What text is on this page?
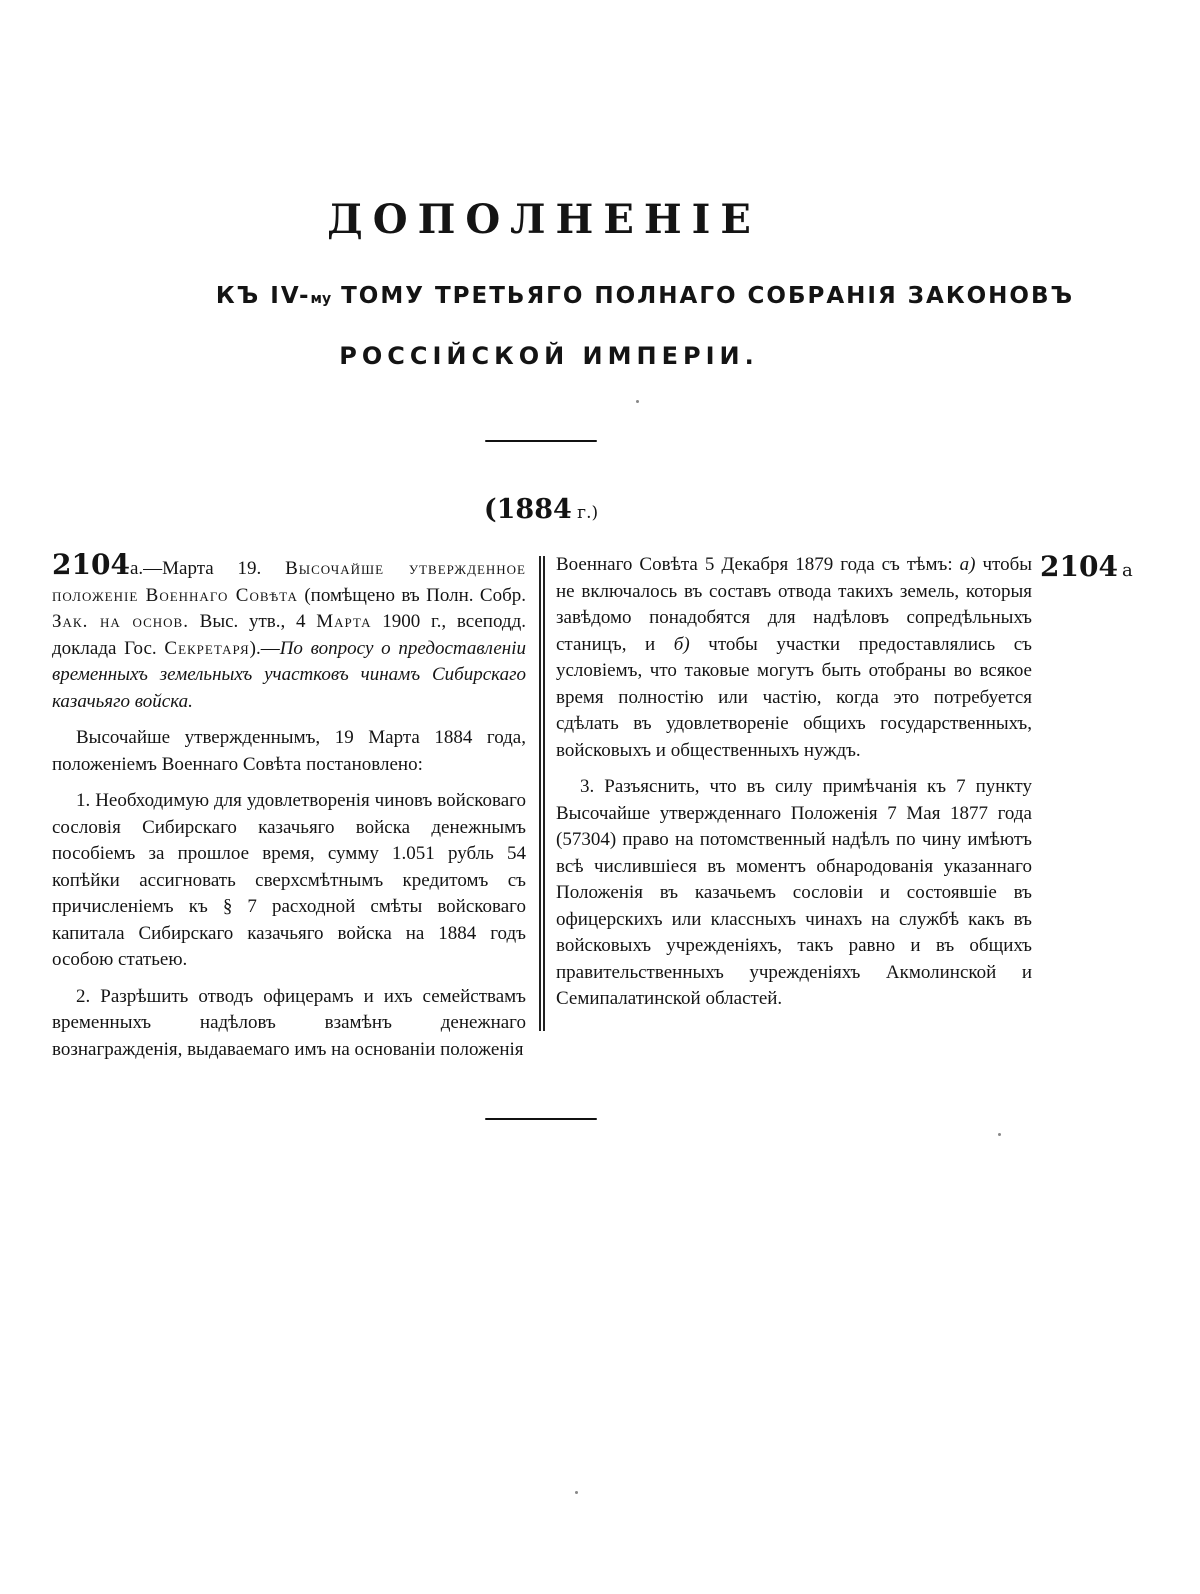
ДОПОЛНЕНІЕ
КЪ IV-му ТОМУ ТРЕТЬЯГО ПОЛНАГО СОБРАНІЯ ЗАКОНОВЪ
РОССІЙСКОЙ ИМПЕРІИ.
(1884 г.)

2104а.—Марта 19. Высочайше утвержденное положеніе Военнаго Совѣта (помѣщено въ Полн. Собр. Зак. на основ. Выс. утв., 4 Марта 1900 г., всеподд. доклада Гос. Секретаря).—По вопросу о предоставленіи временныхъ земельныхъ участковъ чинамъ Сибирскаго казачьяго войска.

Высочайше утвержденнымъ, 19 Марта 1884 года, положеніемъ Военнаго Совѣта постановлено:

1. Необходимую для удовлетворенія чиновъ войсковаго сословія Сибирскаго казачьяго войска денежнымъ пособіемъ за прошлое время, сумму 1.051 рубль 54 копѣйки ассигновать сверхсмѣтнымъ кредитомъ съ причисленіемъ къ § 7 расходной смѣты войсковаго капитала Сибирскаго казачьяго войска на 1884 годъ особою статьею.

2. Разрѣшить отводъ офицерамъ и ихъ семействамъ временныхъ надѣловъ взамѣнъ денежнаго вознагражденія, выдаваемаго имъ на основаніи положенія

Военнаго Совѣта 5 Декабря 1879 года съ тѣмъ: а) чтобы не включалось въ составъ отвода такихъ земель, которыя завѣдомо понадобятся для надѣловъ сопредѣльныхъ станицъ, и б) чтобы участки предоставлялись съ условіемъ, что таковые могутъ быть отобраны во всякое время полностію или частію, когда это потребуется сдѣлать въ удовлетвореніе общихъ государственныхъ, войсковыхъ и общественныхъ нуждъ.

3. Разъяснить, что въ силу примѣчанія къ 7 пункту Высочайше утвержденнаго Положенія 7 Мая 1877 года (57304) право на потомственный надѣлъ по чину имѣютъ всѣ числившіеся въ моментъ обнародованія указаннаго Положенія въ казачьемъ сословіи и состоявшіе въ офицерскихъ или классныхъ чинахъ на службѣ какъ въ войсковыхъ учрежденіяхъ, такъ равно и въ общихъ правительственныхъ учрежденіяхъ Акмолинской и Семипалатинской областей.

2104 а
